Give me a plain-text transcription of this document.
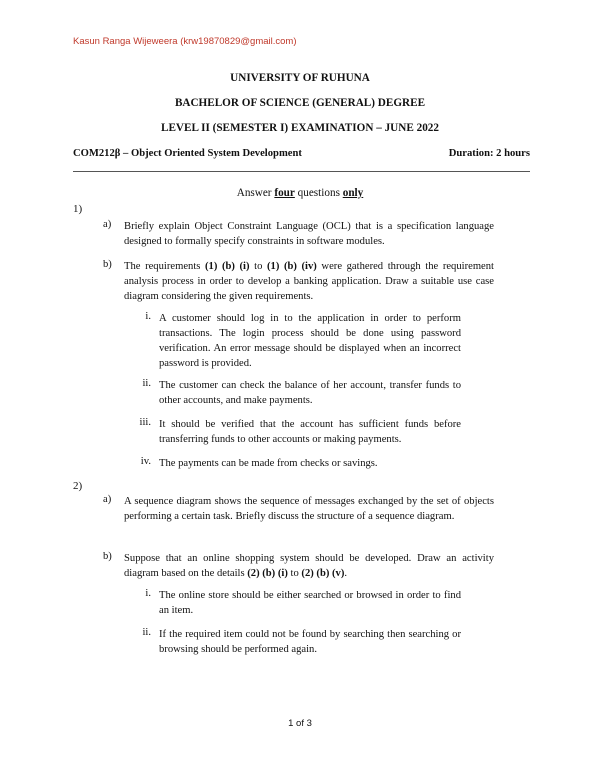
Kasun Ranga Wijeweera (krw19870829@gmail.com)
UNIVERSITY OF RUHUNA
BACHELOR OF SCIENCE (GENERAL) DEGREE
LEVEL II (SEMESTER I) EXAMINATION – JUNE 2022
COM212β – Object Oriented System Development	Duration: 2 hours
Answer four questions only
1)
a) Briefly explain Object Constraint Language (OCL) that is a specification language designed to formally specify constraints in software modules.
b) The requirements (1) (b) (i) to (1) (b) (iv) were gathered through the requirement analysis process in order to develop a banking application. Draw a suitable use case diagram considering the given requirements.
i. A customer should log in to the application in order to perform transactions. The login process should be done using password verification. An error message should be displayed when an incorrect password is provided.
ii. The customer can check the balance of her account, transfer funds to other accounts, and make payments.
iii. It should be verified that the account has sufficient funds before transferring funds to other accounts or making payments.
iv. The payments can be made from checks or savings.
2)
a) A sequence diagram shows the sequence of messages exchanged by the set of objects performing a certain task. Briefly discuss the structure of a sequence diagram.
b) Suppose that an online shopping system should be developed. Draw an activity diagram based on the details (2) (b) (i) to (2) (b) (v).
i. The online store should be either searched or browsed in order to find an item.
ii. If the required item could not be found by searching then searching or browsing should be performed again.
1 of 3
